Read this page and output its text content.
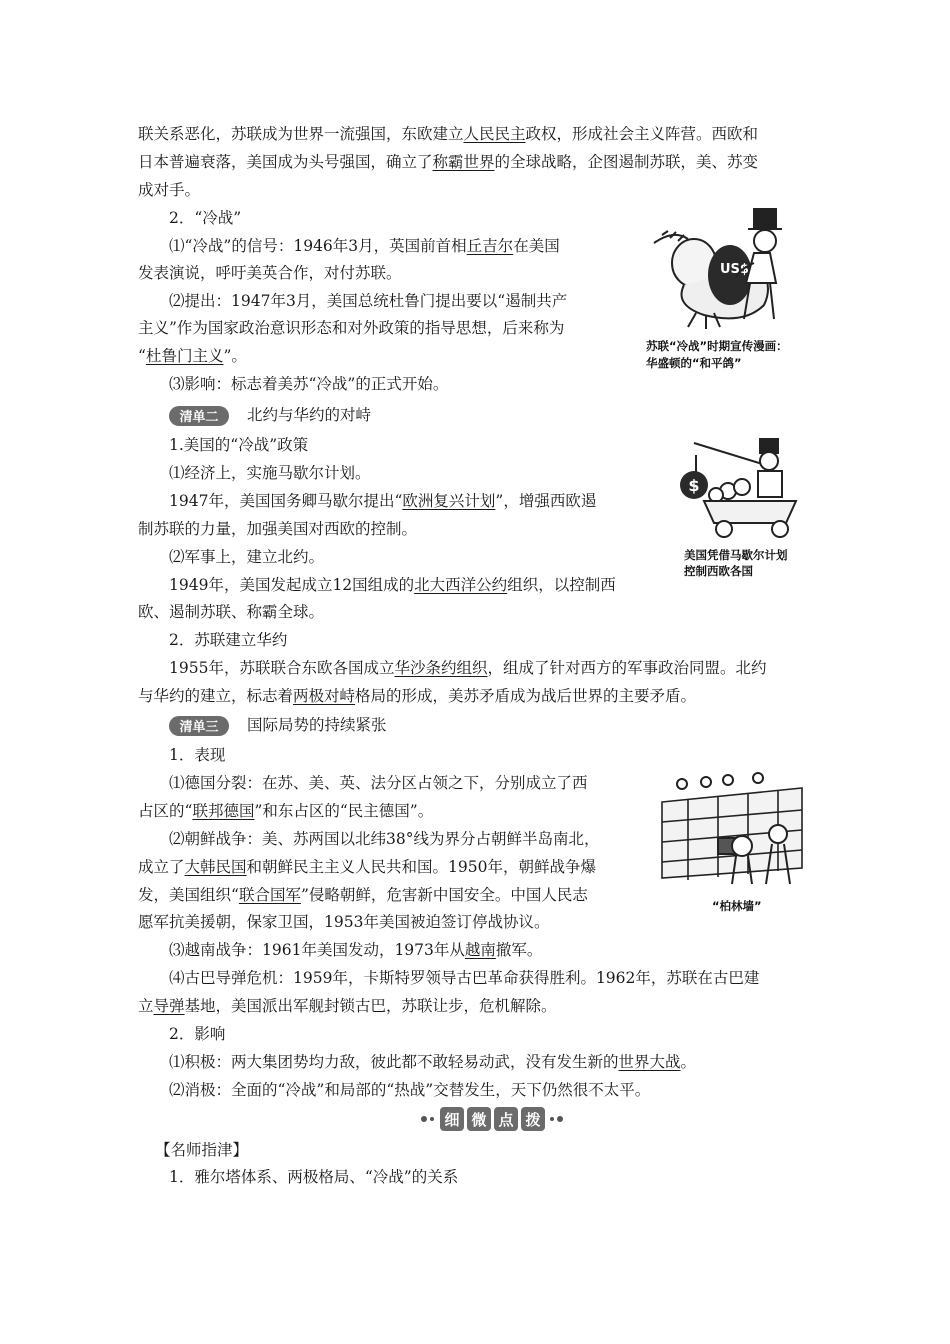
联关系恶化，苏联成为世界一流强国，东欧建立人民民主政权，形成社会主义阵营。西欧和
日本普遍衰落，美国成为头号强国，确立了称霸世界的全球战略，企图遏制苏联，美、苏变
成对手。
2．“冷战”
⑴“冷战”的信号：1946年3月，英国前首相丘吉尔在美国
发表演说，呼吁美英合作，对付苏联。
⑵提出：1947年3月，美国总统杜鲁门提出要以“遏制共产
主义”作为国家政治意识形态和对外政策的指导思想，后来称为
“杜鲁门主义”。
⑶影响：标志着美苏“冷战”的正式开始。
US$
苏联“冷战”时期宣传漫画：
华盛顿的“和平鸽”
清单二 北约与华约的对峙
1.美国的“冷战”政策
⑴经济上，实施马歇尔计划。
1947年，美国国务卿马歇尔提出“欧洲复兴计划”，增强西欧遏
制苏联的力量，加强美国对西欧的控制。
⑵军事上，建立北约。
1949年，美国发起成立12国组成的北大西洋公约组织，以控制西
欧、遏制苏联、称霸全球。
2．苏联建立华约
1955年，苏联联合东欧各国成立华沙条约组织，组成了针对西方的军事政治同盟。北约
与华约的建立，标志着两极对峙格局的形成，美苏矛盾成为战后世界的主要矛盾。
$
美国凭借马歇尔计划
控制西欧各国
清单三 国际局势的持续紧张
1．表现
⑴德国分裂：在苏、美、英、法分区占领之下，分别成立了西
占区的“联邦德国”和东占区的“民主德国”。
⑵朝鲜战争：美、苏两国以北纬38°线为界分占朝鲜半岛南北，
成立了大韩民国和朝鲜民主主义人民共和国。1950年，朝鲜战争爆
发，美国组织“联合国军”侵略朝鲜，危害新中国安全。中国人民志
愿军抗美援朝，保家卫国，1953年美国被迫签订停战协议。
⑶越南战争：1961年美国发动，1973年从越南撤军。
⑷古巴导弹危机：1959年，卡斯特罗领导古巴革命获得胜利。1962年，苏联在古巴建
立导弹基地，美国派出军舰封锁古巴，苏联让步，危机解除。
2．影响
⑴积极：两大集团势均力敌，彼此都不敢轻易动武，没有发生新的世界大战。
⑵消极：全面的“冷战”和局部的“热战”交替发生，天下仍然很不太平。
“柏林墙”
细 微 点 拨
【名师指津】
1．雅尔塔体系、两极格局、“冷战”的关系
